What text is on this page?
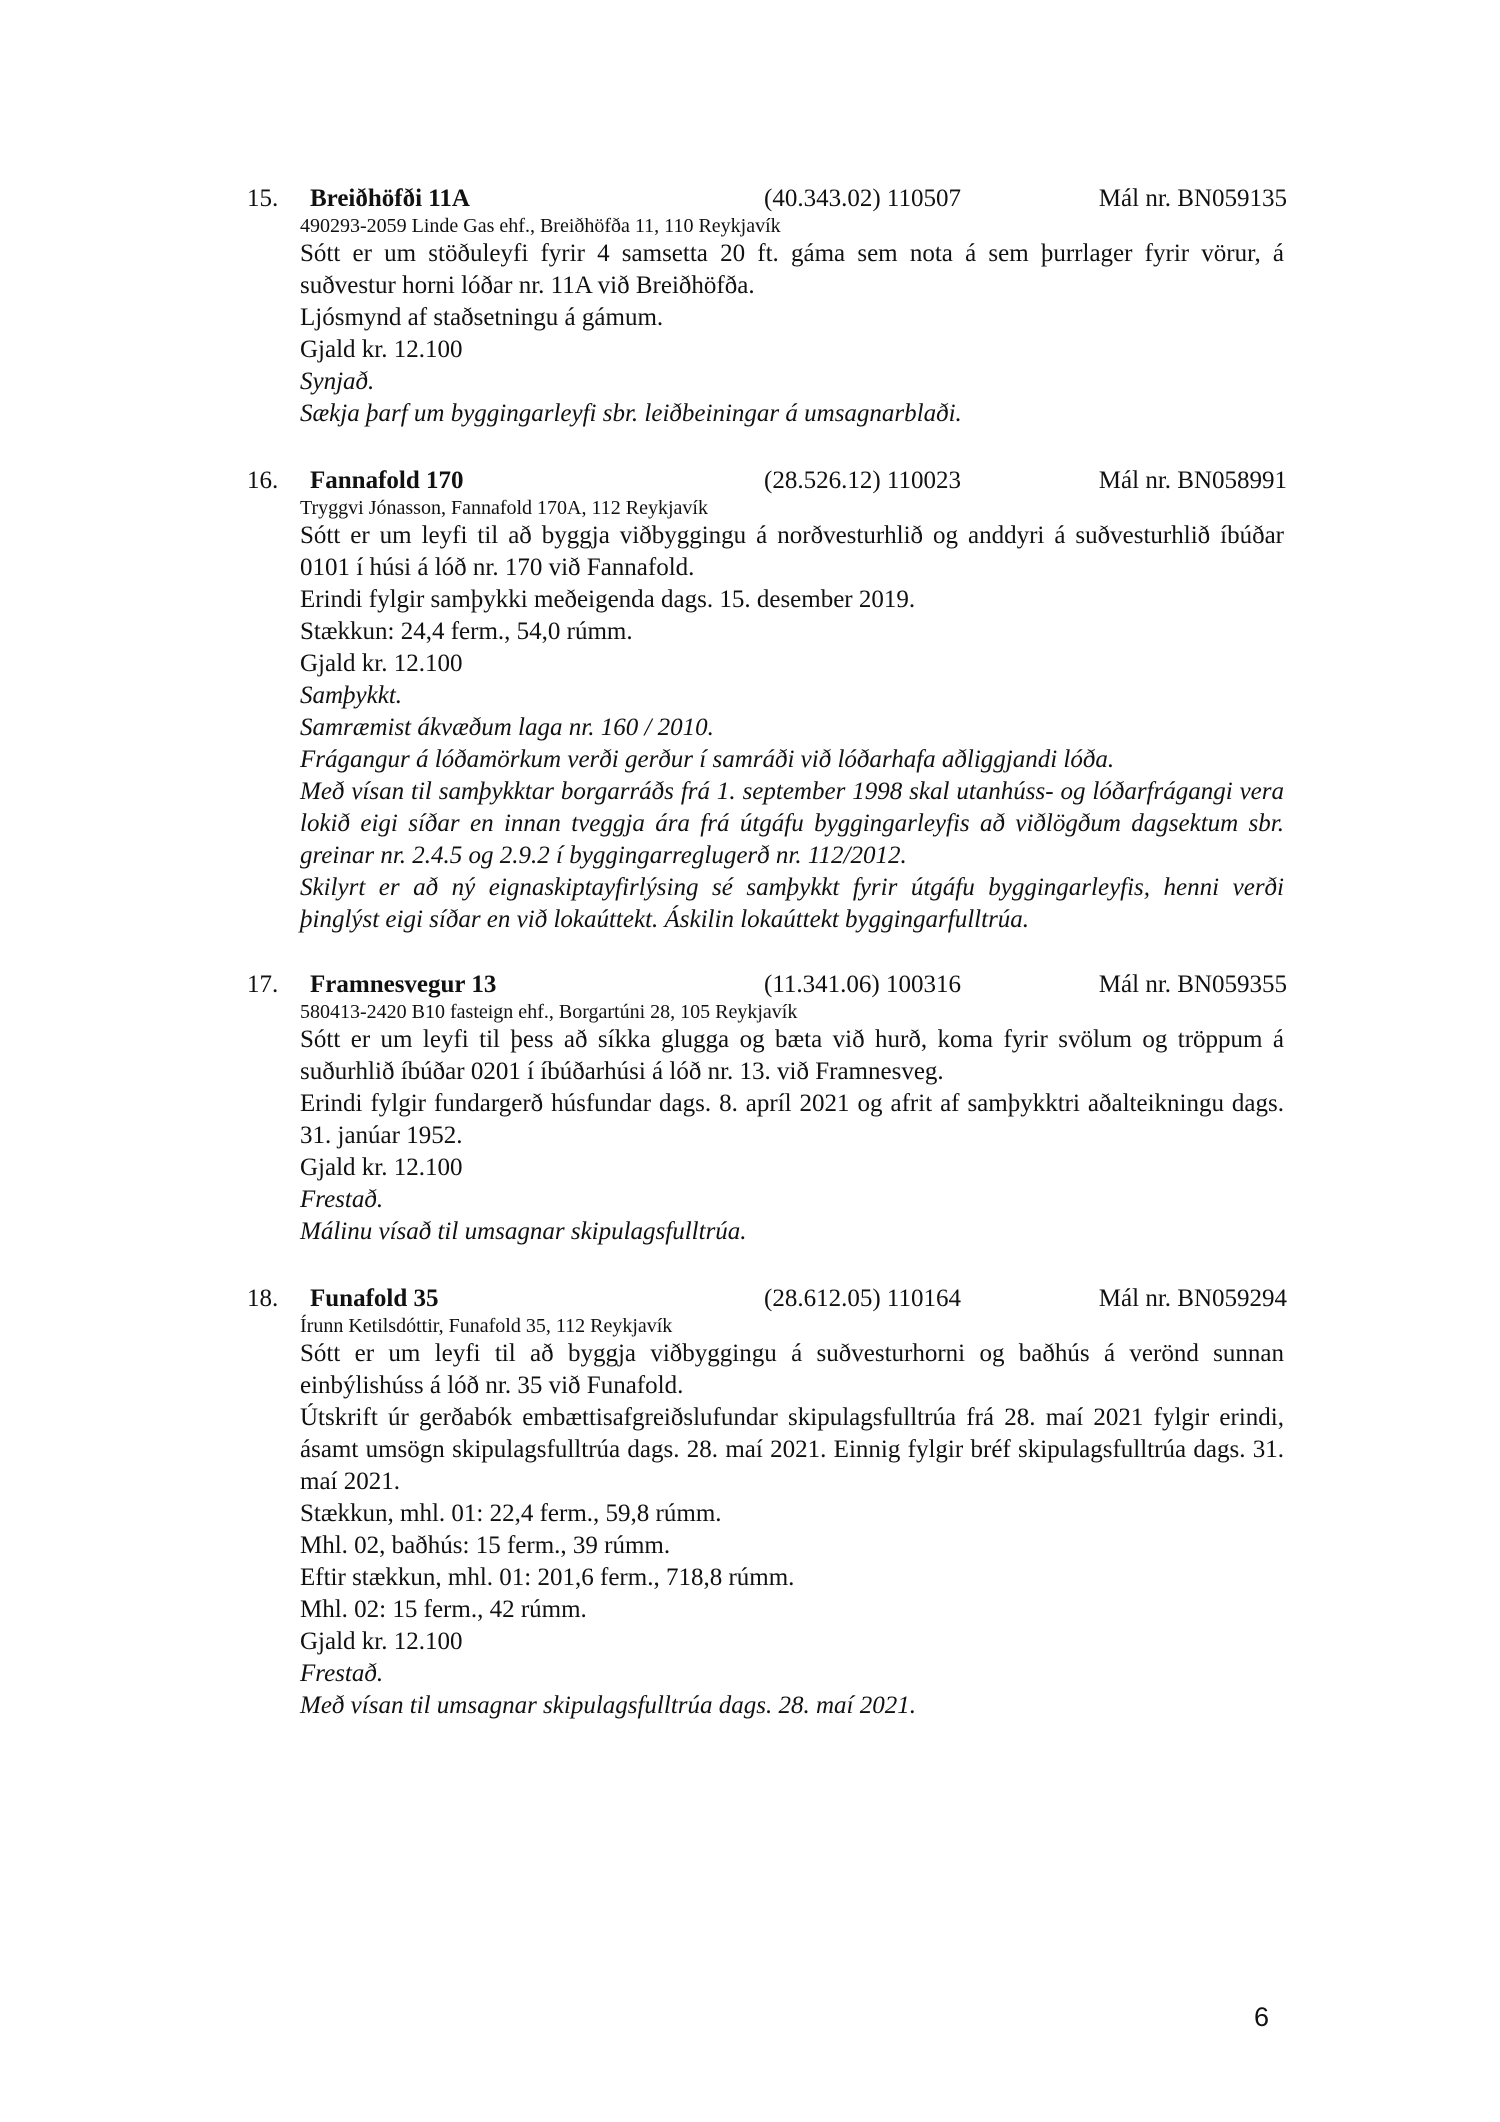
15. Breiðhöfði 11A	(40.343.02) 110507	Mál nr. BN059135
490293-2059 Linde Gas ehf., Breiðhöfða 11, 110 Reykjavík

Sótt er um stöðuleyfi fyrir 4 samsetta 20 ft. gáma sem nota á sem þurrlager fyrir vörur, á suðvestur horni lóðar nr. 11A við Breiðhöfða.

Ljósmynd af staðsetningu á gámum.

Gjald kr. 12.100

Synjað.

Sækja þarf um byggingarleyfi sbr. leiðbeiningar á umsagnarblaði.

16. Fannafold 170	(28.526.12) 110023	Mál nr. BN058991
Tryggvi Jónasson, Fannafold 170A, 112 Reykjavík

Sótt er um leyfi til að byggja viðbyggingu á norðvesturhlið og anddyri á suðvesturhlið íbúðar 0101 í húsi á lóð nr. 170 við Fannafold.

Erindi fylgir samþykki meðeigenda dags. 15. desember 2019.

Stækkun: 24,4 ferm., 54,0 rúmm.

Gjald kr. 12.100

Samþykkt.

Samræmist ákvæðum laga nr. 160 / 2010.

Frágangur á lóðamörkum verði gerður í samráði við lóðarhafa aðliggjandi lóða.

Með vísan til samþykktar borgarráðs frá 1. september 1998 skal utanhúss- og lóðarfrágangi vera lokið eigi síðar en innan tveggja ára frá útgáfu byggingarleyfis að viðlögðum dagsektum sbr. greinar nr. 2.4.5 og 2.9.2 í byggingarreglugerð nr. 112/2012.

Skilyrt er að ný eignaskiptayfirlýsing sé samþykkt fyrir útgáfu byggingarleyfis, henni verði þinglýst eigi síðar en við lokaúttekt. Áskilin lokaúttekt byggingarfulltrúa.

17. Framnesvegur 13	(11.341.06) 100316	Mál nr. BN059355
580413-2420 B10 fasteign ehf., Borgartúni 28, 105 Reykjavík

Sótt er um leyfi til þess að síkka glugga og bæta við hurð, koma fyrir svölum og tröppum á suðurhlið íbúðar 0201 í íbúðarhúsi á lóð nr. 13. við Framnesveg.

Erindi fylgir fundargerð húsfundar dags. 8. apríl 2021 og afrit af samþykktri aðalteikningu dags. 31. janúar 1952.

Gjald kr. 12.100

Frestað.

Málinu vísað til umsagnar skipulagsfulltrúa.

18. Funafold 35	(28.612.05) 110164	Mál nr. BN059294
Írunn Ketilsdóttir, Funafold 35, 112 Reykjavík

Sótt er um leyfi til að byggja viðbyggingu á suðvesturhorni og baðhús á verönd sunnan einbýlishúss á lóð nr. 35 við Funafold.

Útskrift úr gerðabók embættisafgreiðslufundar skipulagsfulltrúa frá 28. maí 2021 fylgir erindi, ásamt umsögn skipulagsfulltrúa dags. 28. maí 2021. Einnig fylgir bréf skipulagsfulltrúa dags. 31. maí 2021.

Stækkun, mhl. 01: 22,4 ferm., 59,8 rúmm.

Mhl. 02, baðhús: 15 ferm., 39 rúmm.

Eftir stækkun, mhl. 01: 201,6 ferm., 718,8 rúmm.

Mhl. 02: 15 ferm., 42 rúmm.

Gjald kr. 12.100

Frestað.

Með vísan til umsagnar skipulagsfulltrúa dags. 28. maí 2021.

6
